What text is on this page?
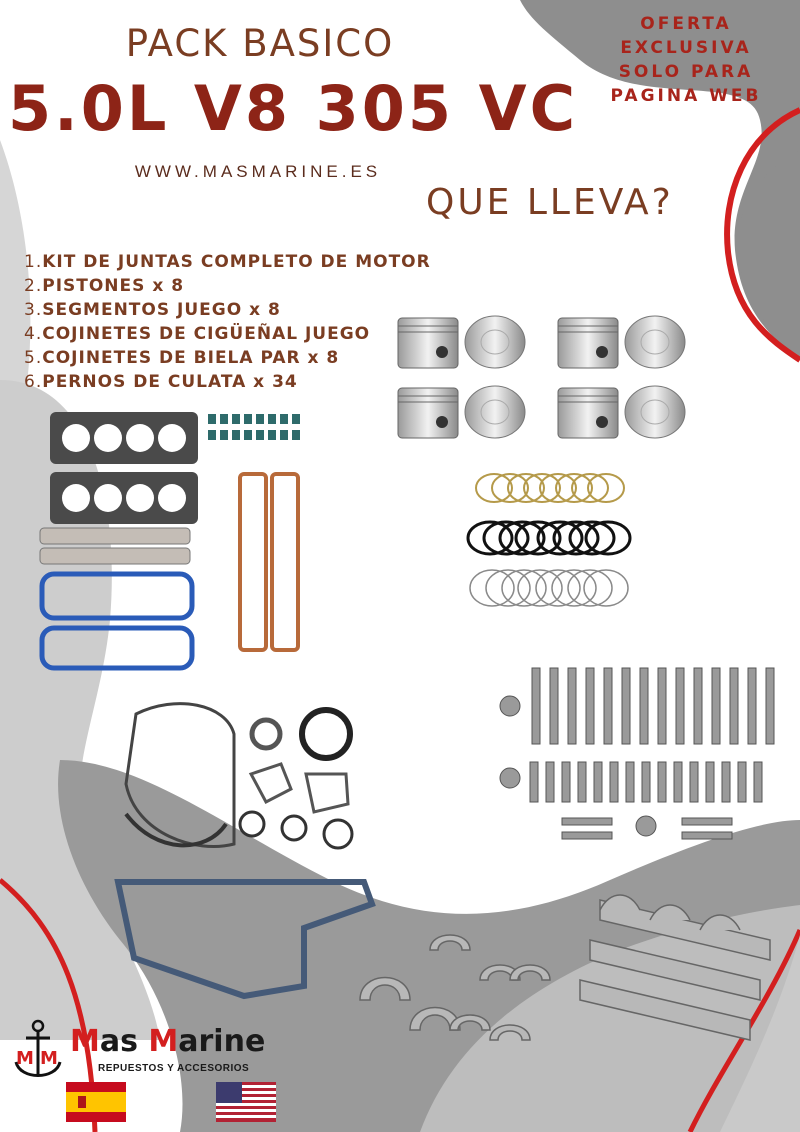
PACK BASICO
5.0L V8 305 VC
WWW.MASMARINE.ES
OFERTA
EXCLUSIVA
SOLO PARA
PAGINA WEB
QUE LLEVA?
1.KIT DE JUNTAS COMPLETO DE MOTOR
2.PISTONES x 8
3.SEGMENTOS JUEGO x 8
4.COJINETES DE CIGÜEÑAL JUEGO
5.COJINETES DE BIELA PAR x 8
6.PERNOS DE CULATA x 34
M M Mas Marine
REPUESTOS Y ACCESORIOS
